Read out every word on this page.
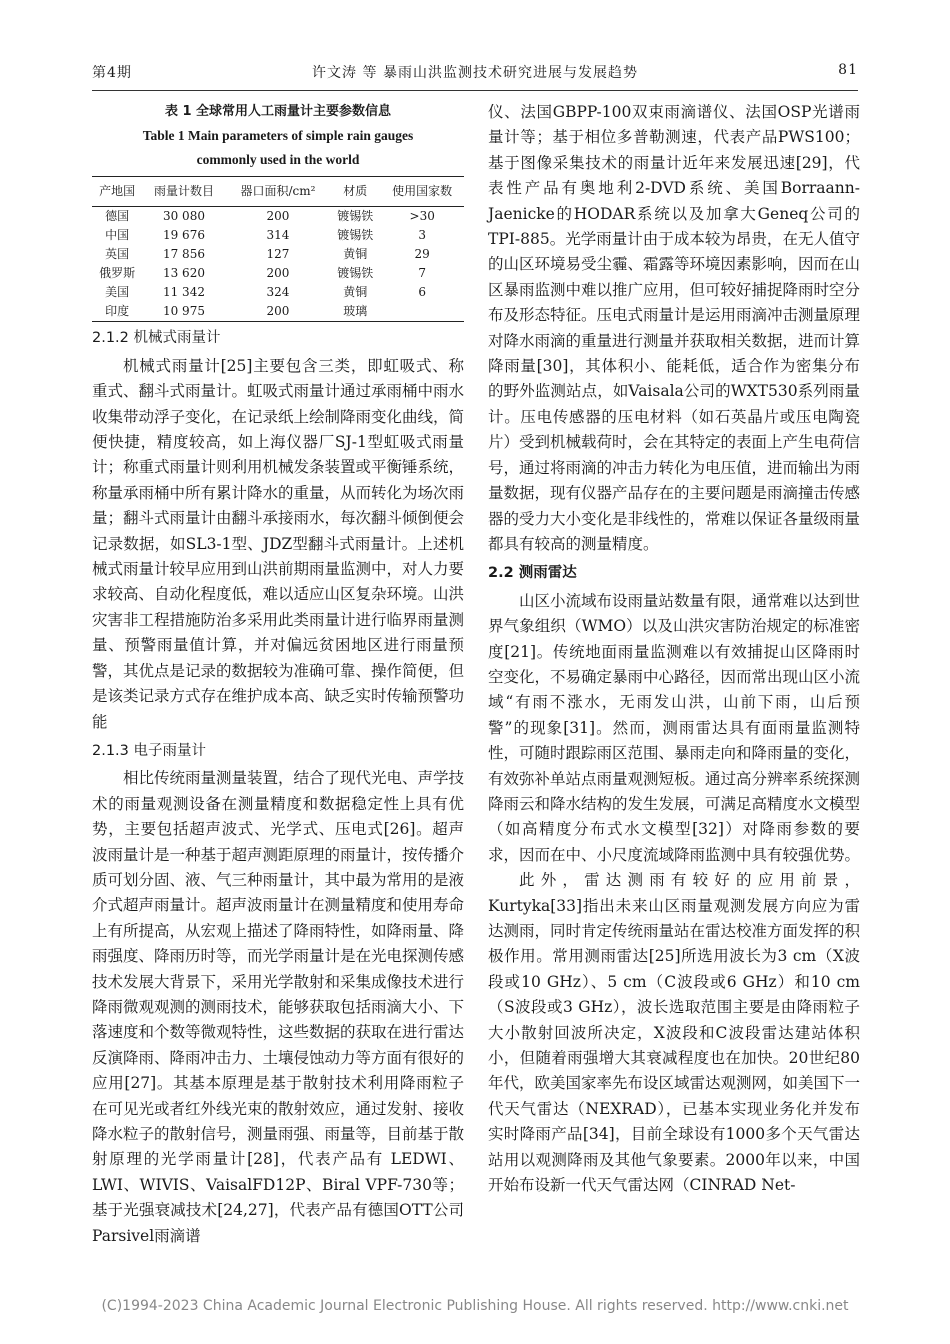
第4期	许文涛 等 暴雨山洪监测技术研究进展与发展趋势	81
表 1 全球常用人工雨量计主要参数信息
Table 1 Main parameters of simple rain gauges
commonly used in the world
产地国	雨量计数目	器口面积/cm²	材质	使用国家数
德国	30 080	200	镀锡铁	>30
中国	19 676	314	镀锡铁	3
英国	17 856	127	黄铜	29
俄罗斯	13 620	200	镀锡铁	7
美国	11 342	324	黄铜	6
印度	10 975	200	玻璃	
2.1.2 机械式雨量计

机械式雨量计[25]主要包含三类，即虹吸式、称重式、翻斗式雨量计。虹吸式雨量计通过承雨桶中雨水收集带动浮子变化，在记录纸上绘制降雨变化曲线，简便快捷，精度较高，如上海仪器厂SJ-1型虹吸式雨量计；称重式雨量计则利用机械发条装置或平衡锤系统，称量承雨桶中所有累计降水的重量，从而转化为场次雨量；翻斗式雨量计由翻斗承接雨水，每次翻斗倾倒便会记录数据，如SL3-1型、JDZ型翻斗式雨量计。上述机械式雨量计较早应用到山洪前期雨量监测中，对人力要求较高、自动化程度低，难以适应山区复杂环境。山洪灾害非工程措施防治多采用此类雨量计进行临界雨量测量、预警雨量值计算，并对偏远贫困地区进行雨量预警，其优点是记录的数据较为准确可靠、操作简便，但是该类记录方式存在维护成本高、缺乏实时传输预警功能

2.1.3 电子雨量计

相比传统雨量测量装置，结合了现代光电、声学技术的雨量观测设备在测量精度和数据稳定性上具有优势，主要包括超声波式、光学式、压电式[26]。超声波雨量计是一种基于超声测距原理的雨量计，按传播介质可划分固、液、气三种雨量计，其中最为常用的是液介式超声雨量计。超声波雨量计在测量精度和使用寿命上有所提高，从宏观上描述了降雨特性，如降雨量、降雨强度、降雨历时等，而光学雨量计是在光电探测传感技术发展大背景下，采用光学散射和采集成像技术进行降雨微观观测的测雨技术，能够获取包括雨滴大小、下落速度和个数等微观特性，这些数据的获取在进行雷达反演降雨、降雨冲击力、土壤侵蚀动力等方面有很好的应用[27]。其基本原理是基于散射技术利用降雨粒子在可见光或者红外线光束的散射效应，通过发射、接收降水粒子的散射信号，测量雨强、雨量等，目前基于散射原理的光学雨量计[28]，代表产品有 LEDWI、LWI、WIVIS、VaisalFD12P、Biral VPF-730等；基于光强衰减技术[24,27]，代表产品有德国OTT公司Parsivel雨滴谱

仪、法国GBPP-100双束雨滴谱仪、法国OSP光谱雨量计等；基于相位多普勒测速，代表产品PWS100；基于图像采集技术的雨量计近年来发展迅速[29]，代表性产品有奥地利2-DVD系统、美国Borraann-Jaenicke的HODAR系统以及加拿大Geneq公司的TPI-885。光学雨量计由于成本较为昂贵，在无人值守的山区环境易受尘霾、霜露等环境因素影响，因而在山区暴雨监测中难以推广应用，但可较好捕捉降雨时空分布及形态特征。压电式雨量计是运用雨滴冲击测量原理对降水雨滴的重量进行测量并获取相关数据，进而计算降雨量[30]，其体积小、能耗低，适合作为密集分布的野外监测站点，如Vaisala公司的WXT530系列雨量计。压电传感器的压电材料（如石英晶片或压电陶瓷片）受到机械载荷时，会在其特定的表面上产生电荷信号，通过将雨滴的冲击力转化为电压值，进而输出为雨量数据，现有仪器产品存在的主要问题是雨滴撞击传感器的受力大小变化是非线性的，常难以保证各量级雨量都具有较高的测量精度。

2.2 测雨雷达

山区小流域布设雨量站数量有限，通常难以达到世界气象组织（WMO）以及山洪灾害防治规定的标准密度[21]。传统地面雨量监测难以有效捕捉山区降雨时空变化，不易确定暴雨中心路径，因而常出现山区小流域“有雨不涨水，无雨发山洪，山前下雨，山后预警”的现象[31]。然而，测雨雷达具有面雨量监测特性，可随时跟踪雨区范围、暴雨走向和降雨量的变化，有效弥补单站点雨量观测短板。通过高分辨率系统探测降雨云和降水结构的发生发展，可满足高精度水文模型（如高精度分布式水文模型[32]）对降雨参数的要求，因而在中、小尺度流域降雨监测中具有较强优势。

此外，雷达测雨有较好的应用前景，Kurtyka[33]指出未来山区雨量观测发展方向应为雷达测雨，同时肯定传统雨量站在雷达校准方面发挥的积极作用。常用测雨雷达[25]所选用波长为3 cm（X波段或10 GHz）、5 cm（C波段或6 GHz）和10 cm（S波段或3 GHz），波长选取范围主要是由降雨粒子大小散射回波所决定，X波段和C波段雷达建站体积小，但随着雨强增大其衰减程度也在加快。20世纪80年代，欧美国家率先布设区域雷达观测网，如美国下一代天气雷达（NEXRAD），已基本实现业务化并发布实时降雨产品[34]，目前全球设有1000多个天气雷达站用以观测降雨及其他气象要素。2000年以来，中国开始布设新一代天气雷达网（CINRAD Net-

(C)1994-2023 China Academic Journal Electronic Publishing House. All rights reserved. http://www.cnki.net
